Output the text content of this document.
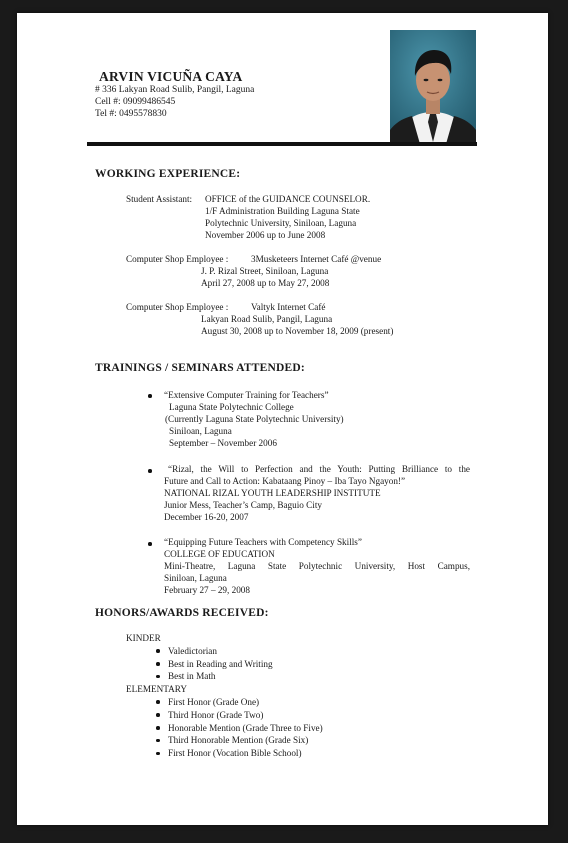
ARVIN VICUÑA CAYA
# 336 Lakyan Road Sulib, Pangil, Laguna
Cell #: 09099486545
Tel #: 0495578830
WORKING EXPERIENCE:
Student Assistant: OFFICE of the GUIDANCE COUNSELOR.
1/F Administration Building Laguna State
Polytechnic University, Siniloan, Laguna
November 2006 up to June 2008
Computer Shop Employee : 3Musketeers Internet Café @venue
J. P. Rizal Street, Siniloan, Laguna
April 27, 2008 up to May 27, 2008
Computer Shop Employee : Valtyk Internet Café
Lakyan Road Sulib, Pangil, Laguna
August 30, 2008 up to November 18, 2009 (present)
TRAININGS / SEMINARS ATTENDED:
“Extensive Computer Training for Teachers”
Laguna State Polytechnic College
(Currently Laguna State Polytechnic University)
Siniloan, Laguna
September – November 2006
“Rizal, the Will to Perfection and the Youth: Putting Brilliance to the
Future and Call to Action: Kabataang Pinoy – Iba Tayo Ngayon!”
NATIONAL RIZAL YOUTH LEADERSHIP INSTITUTE
Junior Mess, Teacher’s Camp, Baguio City
December 16-20, 2007
“Equipping Future Teachers with Competency Skills”
COLLEGE OF EDUCATION
Mini-Theatre, Laguna State Polytechnic University, Host Campus,
Siniloan, Laguna
February 27 – 29, 2008
HONORS/AWARDS RECEIVED:
KINDER
Valedictorian
Best in Reading and Writing
Best in Math
ELEMENTARY
First Honor (Grade One)
Third Honor (Grade Two)
Honorable Mention (Grade Three to Five)
Third Honorable Mention (Grade Six)
First Honor (Vocation Bible School)
